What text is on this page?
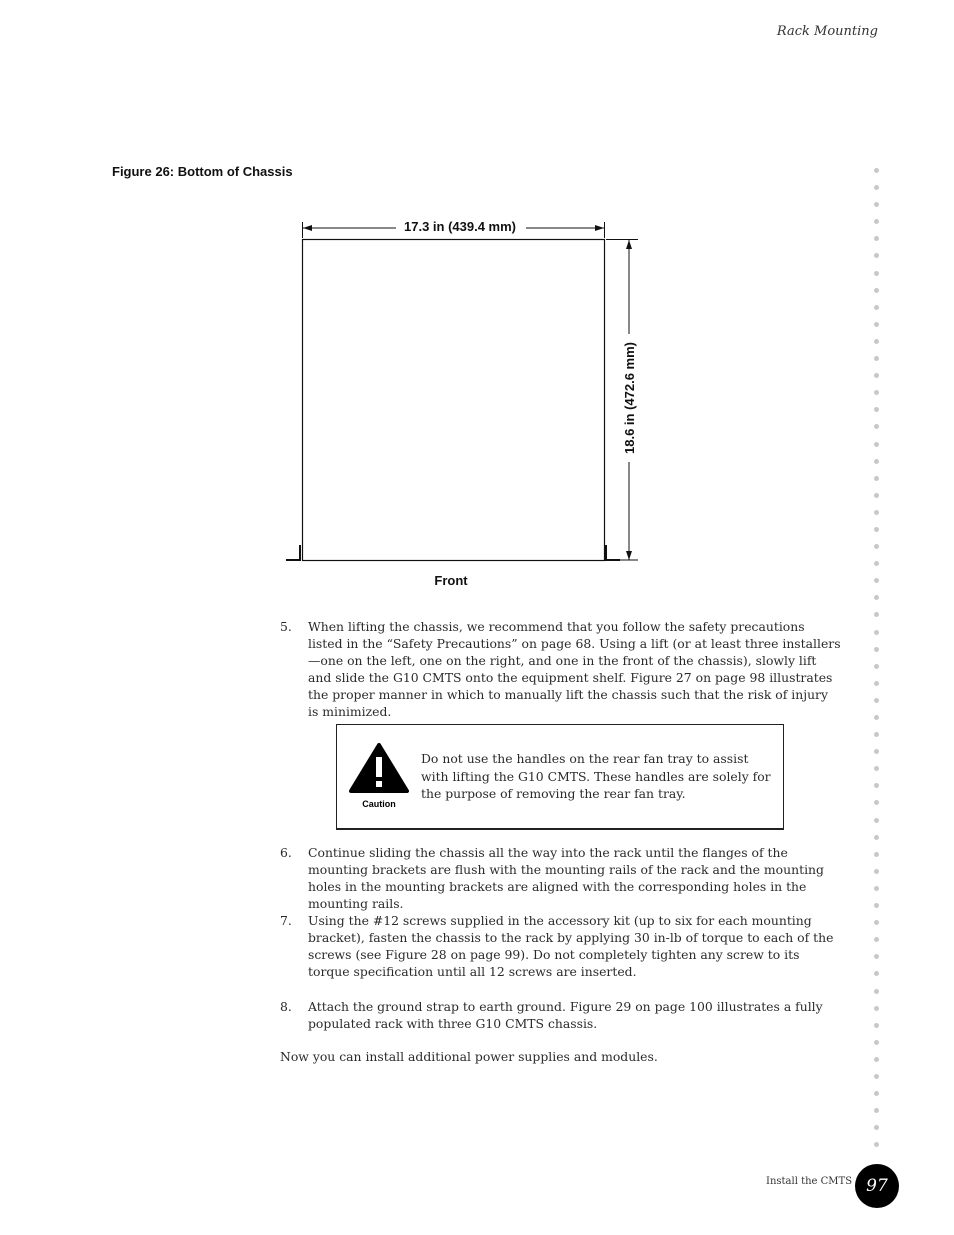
Rack Mounting
Figure 26: Bottom of Chassis
17.3 in (439.4 mm)
18.6 in (472.6 mm)
Front
5.	When lifting the chassis, we recommend that you follow the safety precautions listed in the “Safety Precautions” on page 68. Using a lift (or at least three installers—one on the left, one on the right, and one in the front of the chassis), slowly lift and slide the G10 CMTS onto the equipment shelf. Figure 27 on page 98 illustrates the proper manner in which to manually lift the chassis such that the risk of injury is minimized.
Caution
Do not use the handles on the rear fan tray to assist with lifting the G10 CMTS. These handles are solely for the purpose of removing the rear fan tray.
6.	Continue sliding the chassis all the way into the rack until the flanges of the mounting brackets are flush with the mounting rails of the rack and the mounting holes in the mounting brackets are aligned with the corresponding holes in the mounting rails.
7.	Using the #12 screws supplied in the accessory kit (up to six for each mounting bracket), fasten the chassis to the rack by applying 30 in-lb of torque to each of the screws (see Figure 28 on page 99). Do not completely tighten any screw to its torque specification until all 12 screws are inserted.
8.	Attach the ground strap to earth ground. Figure 29 on page 100 illustrates a fully populated rack with three G10 CMTS chassis.
Now you can install additional power supplies and modules.
Install the CMTS 97
